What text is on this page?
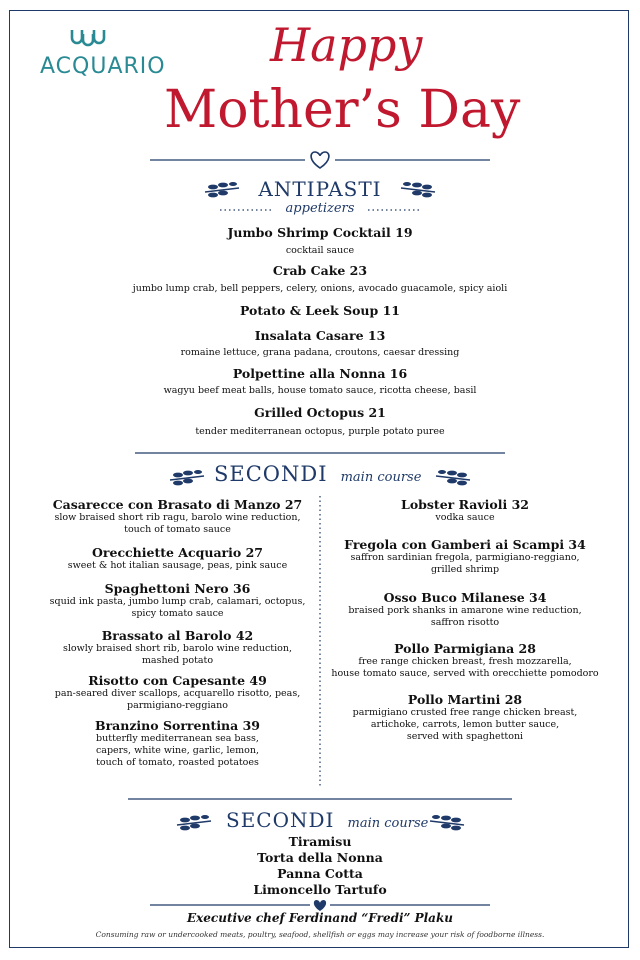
ACQUARIO Happy
Mother’s Day
ANTIPASTI
appetizers
Jumbo Shrimp Cocktail 19
cocktail sauce
Crab Cake 23
jumbo lump crab, bell peppers, celery, onions, avocado guacamole, spicy aioli
Potato & Leek Soup 11
Insalata Casare 13
romaine lettuce, grana padana, croutons, caesar dressing
Polpettine alla Nonna 16
wagyu beef meat balls, house tomato sauce, ricotta cheese, basil
Grilled Octopus 21
tender mediterranean octopus, purple potato puree
SECONDI main course
Casarecce con Brasato di Manzo 27
slow braised short rib ragu, barolo wine reduction,
touch of tomato sauce
Orecchiette Acquario 27
sweet & hot italian sausage, peas, pink sauce
Spaghettoni Nero 36
squid ink pasta, jumbo lump crab, calamari, octopus,
spicy tomato sauce
Brassato al Barolo 42
slowly braised short rib, barolo wine reduction,
mashed potato
Risotto con Capesante 49
pan-seared diver scallops, acquarello risotto, peas,
parmigiano-reggiano
Branzino Sorrentina 39
butterfly mediterranean sea bass,
capers, white wine, garlic, lemon,
touch of tomato, roasted potatoes
Lobster Ravioli 32
vodka sauce
Fregola con Gamberi ai Scampi 34
saffron sardinian fregola, parmigiano-reggiano,
grilled shrimp
Osso Buco Milanese 34
braised pork shanks in amarone wine reduction,
saffron risotto
Pollo Parmigiana 28
free range chicken breast, fresh mozzarella,
house tomato sauce, served with orecchiette pomodoro
Pollo Martini 28
parmigiano crusted free range chicken breast,
artichoke, carrots, lemon butter sauce,
served with spaghettoni
SECONDI main course
Tiramisu
Torta della Nonna
Panna Cotta
Limoncello Tartufo
Executive chef Ferdinand “Fredi” Plaku
Consuming raw or undercooked meats, poultry, seafood, shellfish or eggs may increase your risk of foodborne illness.
